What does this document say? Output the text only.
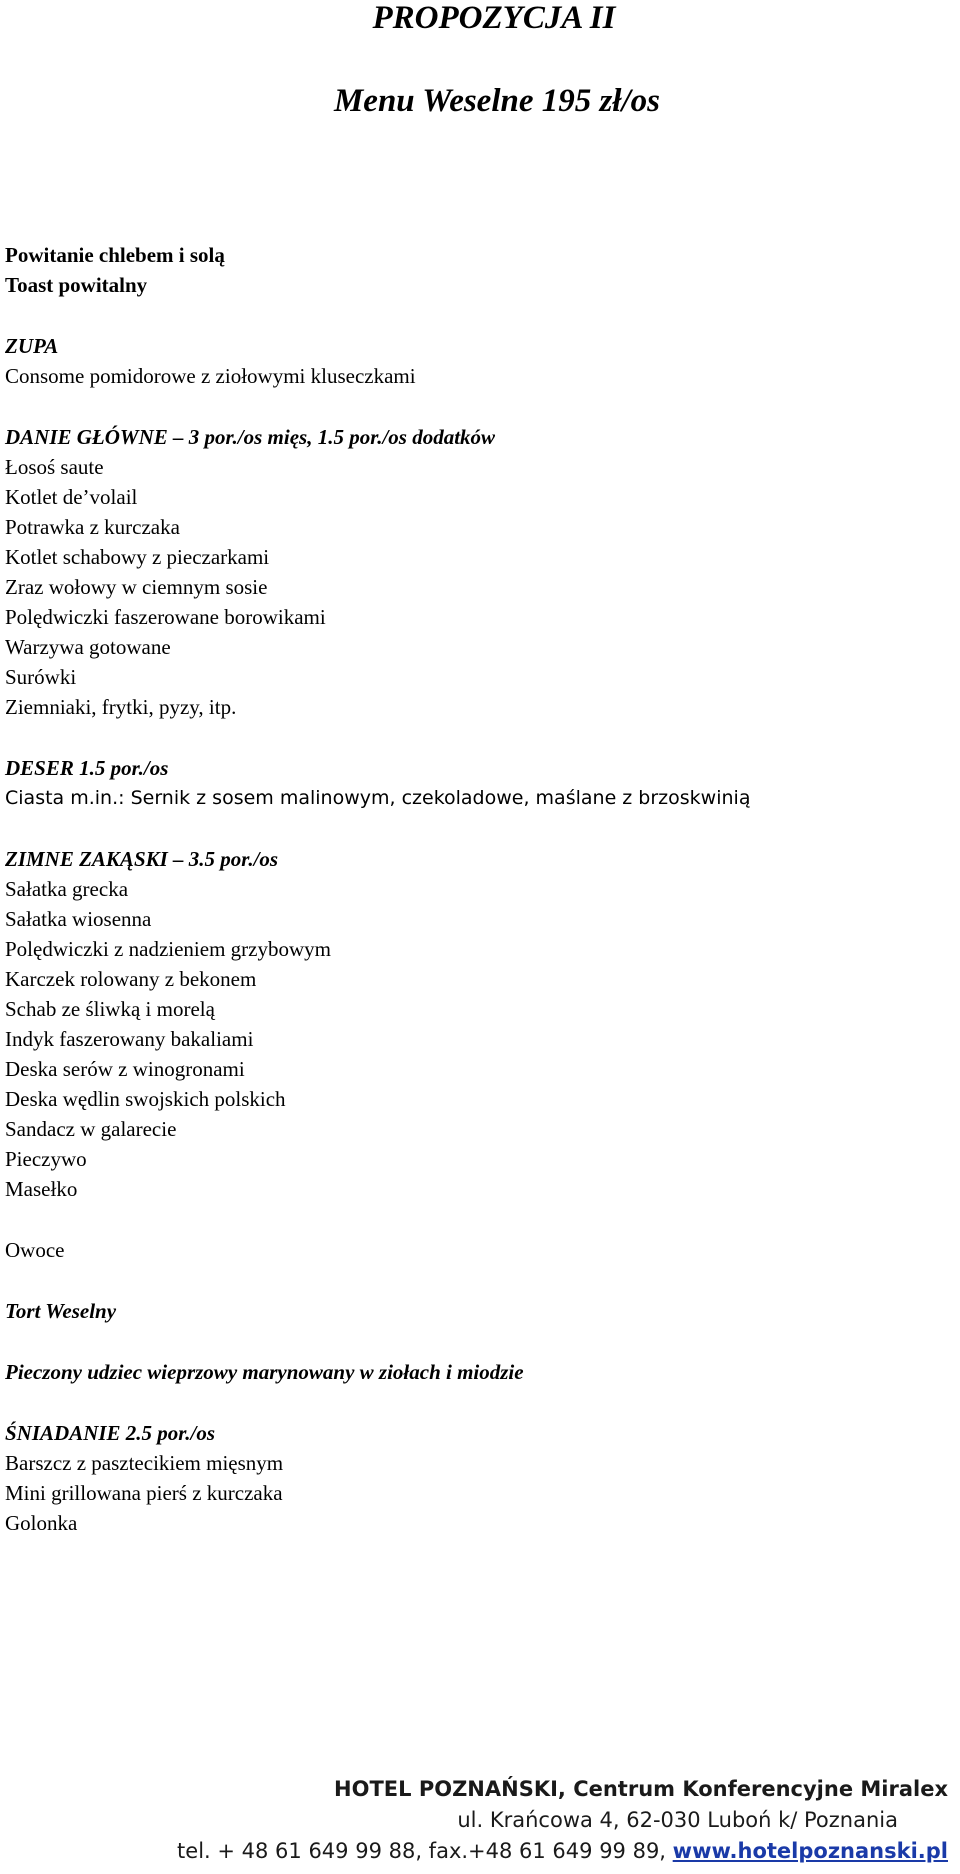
PROPOZYCJA II
Menu Weselne 195 zł/os
Powitanie chlebem i solą
Toast powitalny
ZUPA
Consome pomidorowe z ziołowymi kluseczkami
DANIE GŁÓWNE – 3 por./os mięs, 1.5 por./os dodatków
Łosoś saute
Kotlet de’volail
Potrawka z kurczaka
Kotlet schabowy z pieczarkami
Zraz wołowy w ciemnym sosie
Polędwiczki faszerowane borowikami
Warzywa gotowane
Surówki
Ziemniaki, frytki, pyzy, itp.
DESER 1.5 por./os
Ciasta m.in.: Sernik z sosem malinowym, czekoladowe, maślane z brzoskwinią
ZIMNE ZAKĄSKI – 3.5 por./os
Sałatka grecka
Sałatka wiosenna
Polędwiczki z nadzieniem grzybowym
Karczek rolowany z bekonem
Schab ze śliwką i morelą
Indyk faszerowany bakaliami
Deska serów z winogronami
Deska wędlin swojskich polskich
Sandacz w galarecie
Pieczywo
Masełko
Owoce
Tort Weselny
Pieczony udziec wieprzowy marynowany w ziołach i miodzie
ŚNIADANIE 2.5 por./os
Barszcz z pasztecikiem mięsnym
Mini grillowana pierś z kurczaka
Golonka
HOTEL POZNAŃSKI, Centrum Konferencyjne Miralex
ul. Krańcowa 4, 62-030 Luboń k/ Poznania
tel. + 48 61 649 99 88, fax.+48 61 649 99 89, www.hotelpoznanski.pl
